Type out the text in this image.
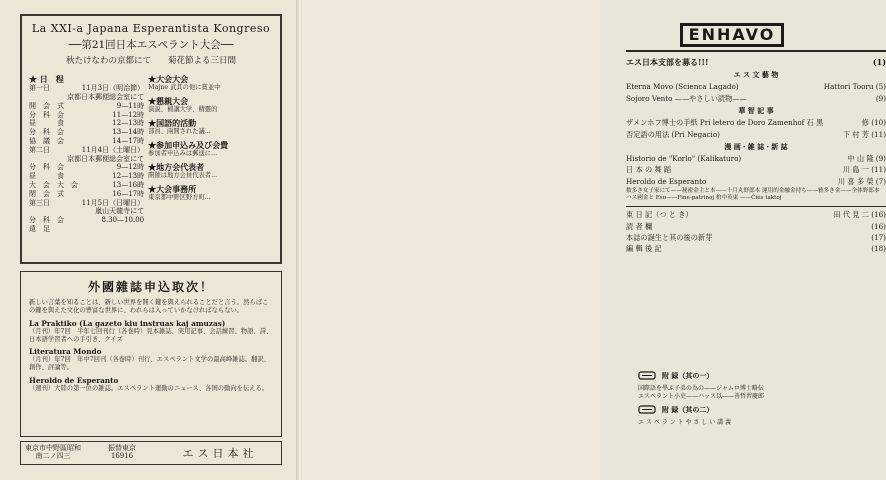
La XXI-a Japana Esperantista Kongreso
──第21回日本エスペラント大会──
秋たけなわの京都にて　　菊花節よる三日間
★ 日　程
第一日	11月3日（明治節）
京都日本郵便総会室にて
開　会　式	9—11時
分　科　会	11—12時
昼　　　食	12—13時
分　科　会	13—14時
協　議　会	14—17時
第二日	11月4日（土曜日）
京都日本郵便総会室にて
分　科　会	9—12時
昼　　　食	12—13時
大　会　大　会	13—16時
閉　会　式	16—17時
第三日	11月5日（日曜日）
嵐山天龍寺にて
分　科　会	8.30—10.00
遠　足
★大会大会
Majne 武其の他に賞並中
★懇親大会
演説、補講大学、精靈的
★国語的活動
部員、兩開された議...
★参加申込み及び会費
参加者申込みは郵送に...
★地方会代表者
開催は地方会員代表者...
★大会事務所
東京都中野区野方町...
外國雜誌申込取次！
新しい言葉を知ることは、新しい世界を開く鍵を與えられることだと言う。然らばこの鍵を與えた文化の豊富な世界に、われらは入っていかなければならない。
La Praktiko (La gazeto kiu instruas kaj amuzas)
（月刊）年7回　半年七回刊行（各巻時）見本雑誌、実用記事、会話練習、物語、詩、日本語学習者への手引き、クイズ
Literatura Mondo
（月刊）年7回　年中7回刊（各巻時）刊行、エスペラント文学の最高峰雑誌。翻訳、創作、評論等。
Heroldo de Esperanto
（週刊）大陸の第一位の雑誌。エスペラント運動のニュース、各国の動向を伝える。
東京市中野區昭和
南二ノ四三
振替東京
16916	エス日本社
ENHAVO
エス日本支部を募る!!!	(1)
エ ス 文 藝 物
Eterna Movo (Scienca Lagado)	Hattori Tooru (5)
Sojoro Vento ——やさしい読物——	(9)
華 智 記 事
ザメンホフ博士の手紙 Pri letero de Doro Zamenhof 石 黒	修 (10)
否定語の用法 (Pri Negacio)	下 村 芳 (11)
漫 画・雑 誌・新 誌
Historio de "Korlo" (Kalikaturo)	中 山 隆 (9)
日 本 の 舞 蹈	川 島 一 (11)
Heroldo de Esperanto	川 喜 多 榮 (7)
数多き女子家にて——秘密金主と本——十月丸野郎本 運用的金融金持ち——雅多き金——全体野郎本 ハス國金と Eso——Fine-patrinoj 柏中英東 ——Ĉies taktoj
東 日 記（つ と き）	田 代 見 二 (16)
読 者 欄	(16)
本誌の誕生と其の後の新芽	(17)
編 輯 後 記	(18)
附 録（其の一）
国際語を學ぶ子弟の為の——ジャムロ博士略伝
エスペラント小史——ハッス以——善哲習慶郎
附 録（其の二）
エ ス ペ ラ ン ト や さ し い 講 義
